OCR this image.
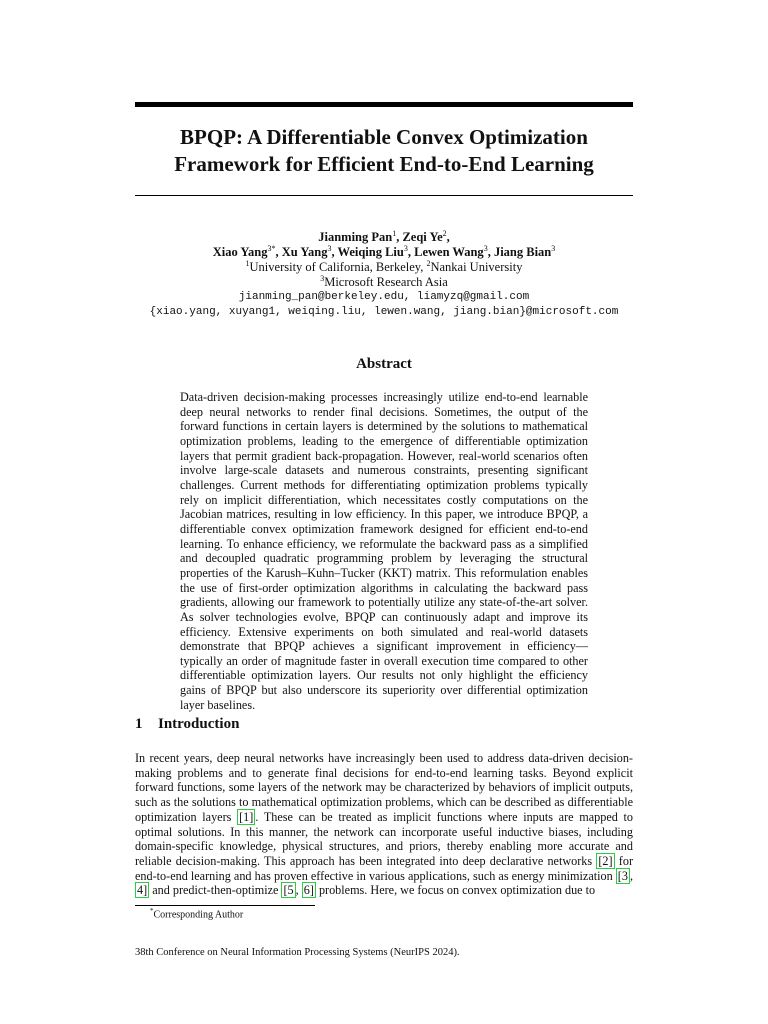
BPQP: A Differentiable Convex Optimization
Framework for Efficient End-to-End Learning
Jianming Pan$^1$, Zeqi Ye$^2$,
Xiao Yang$^{3*}$, Xu Yang$^3$, Weiqing Liu$^3$, Lewen Wang$^3$, Jiang Bian$^3$
$^1$University of California, Berkeley, $^2$Nankai University
$^3$Microsoft Research Asia
jianming_pan@berkeley.edu, liamyzq@gmail.com
{xiao.yang, xuyang1, weiqing.liu, lewen.wang, jiang.bian}@microsoft.com
Abstract

Data-driven decision-making processes increasingly utilize end-to-end learnable deep neural networks to render final decisions. Sometimes, the output of the forward functions in certain layers is determined by the solutions to mathematical optimization problems, leading to the emergence of differentiable optimization layers that permit gradient back-propagation. However, real-world scenarios often involve large-scale datasets and numerous constraints, presenting significant challenges. Current methods for differentiating optimization problems typically rely on implicit differentiation, which necessitates costly computations on the Jacobian matrices, resulting in low efficiency. In this paper, we introduce BPQP, a differentiable convex optimization framework designed for efficient end-to-end learning. To enhance efficiency, we reformulate the backward pass as a simplified and decoupled quadratic programming problem by leveraging the structural properties of the Karush–Kuhn–Tucker (KKT) matrix. This reformulation enables the use of first-order optimization algorithms in calculating the backward pass gradients, allowing our framework to potentially utilize any state-of-the-art solver. As solver technologies evolve, BPQP can continuously adapt and improve its efficiency. Extensive experiments on both simulated and real-world datasets demonstrate that BPQP achieves a significant improvement in efficiency—typically an order of magnitude faster in overall execution time compared to other differentiable optimization layers. Our results not only highlight the efficiency gains of BPQP but also underscore its superiority over differential optimization layer baselines.

1 Introduction

In recent years, deep neural networks have increasingly been used to address data-driven decision-making problems and to generate final decisions for end-to-end learning tasks. Beyond explicit forward functions, some layers of the network may be characterized by behaviors of implicit outputs, such as the solutions to mathematical optimization problems, which can be described as differentiable optimization layers [1] . These can be treated as implicit functions where inputs are mapped to optimal solutions. In this manner, the network can incorporate useful inductive biases, including domain-specific knowledge, physical structures, and priors, thereby enabling more accurate and reliable decision-making. This approach has been integrated into deep declarative networks [2] for end-to-end learning and has proven effective in various applications, such as energy minimization [3 , 4] and predict-then-optimize [5 , 6] problems. Here, we focus on convex optimization due to

*Corresponding Author

38th Conference on Neural Information Processing Systems (NeurIPS 2024).
